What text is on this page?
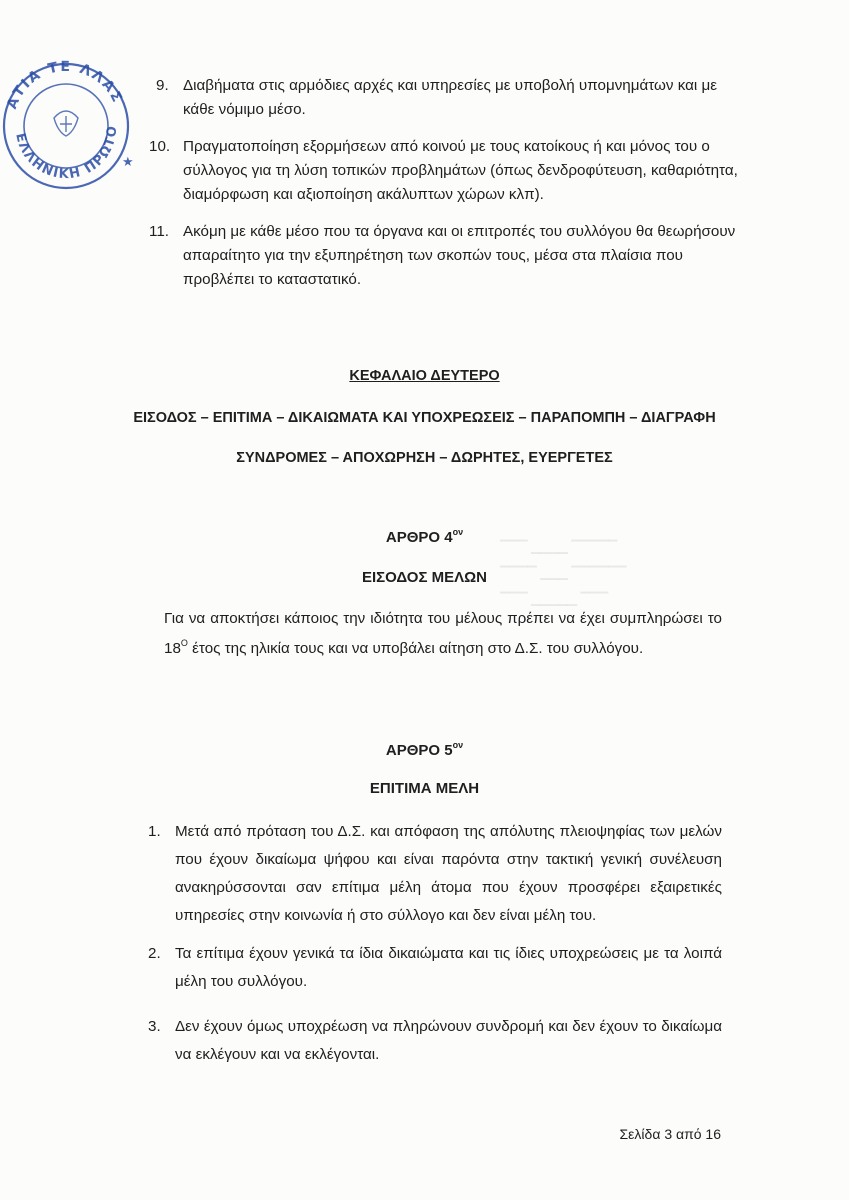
▔▔▔ ▁▁▁▁ ▔▔▔▔▔
▔▔▔▔ ▁▁▁ ▔▔▔▔▔▔
▔▔▔ ▁▁▁▁▁ ▔▔▔
ΑΤΙΑ ΤΕ ΛΛΑΣ
ΕΛΛΗΝΙΚΗ ΠΡΩΤΟ
★
9. Διαβήματα στις αρμόδιες αρχές και υπηρεσίες με υποβολή υπομνημάτων και με κάθε νόμιμο μέσο.
10. Πραγματοποίηση εξορμήσεων από κοινού με τους κατοίκους ή και μόνος του ο σύλλογος για τη λύση τοπικών προβλημάτων (όπως δενδροφύτευση, καθαριότητα, διαμόρφωση και αξιοποίηση ακάλυπτων χώρων κλπ).
11. Ακόμη με κάθε μέσο που τα όργανα και οι επιτροπές του συλλόγου θα θεωρήσουν απαραίτητο για την εξυπηρέτηση των σκοπών τους, μέσα στα πλαίσια που προβλέπει το καταστατικό.
ΚΕΦΑΛΑΙΟ ΔΕΥΤΕΡΟ
ΕΙΣΟΔΟΣ – ΕΠΙΤΙΜΑ – ΔΙΚΑΙΩΜΑΤΑ ΚΑΙ ΥΠΟΧΡΕΩΣΕΙΣ – ΠΑΡΑΠΟΜΠΗ – ΔΙΑΓΡΑΦΗ
ΣΥΝΔΡΟΜΕΣ – ΑΠΟΧΩΡΗΣΗ – ΔΩΡΗΤΕΣ, ΕΥΕΡΓΕΤΕΣ
ΑΡΘΡΟ $4^{o\nu}$
ΕΙΣΟΔΟΣ ΜΕΛΩΝ
Για να αποκτήσει κάποιος την ιδιότητα του μέλους πρέπει να έχει συμπληρώσει το $18^O$ έτος της ηλικία τους και να υποβάλει αίτηση στο Δ.Σ. του συλλόγου.
ΑΡΘΡΟ $5^{o\nu}$
ΕΠΙΤΙΜΑ ΜΕΛΗ
1. Μετά από πρόταση του Δ.Σ. και απόφαση της απόλυτης πλειοψηφίας των μελών που έχουν δικαίωμα ψήφου και είναι παρόντα στην τακτική γενική συνέλευση ανακηρύσσονται σαν επίτιμα μέλη άτομα που έχουν προσφέρει εξαιρετικές υπηρεσίες στην κοινωνία ή στο σύλλογο και δεν είναι μέλη του.
2. Τα επίτιμα έχουν γενικά τα ίδια δικαιώματα και τις ίδιες υποχρεώσεις με τα λοιπά μέλη του συλλόγου.
3. Δεν έχουν όμως υποχρέωση να πληρώνουν συνδρομή και δεν έχουν το δικαίωμα να εκλέγουν και να εκλέγονται.
Σελίδα 3 από 16
